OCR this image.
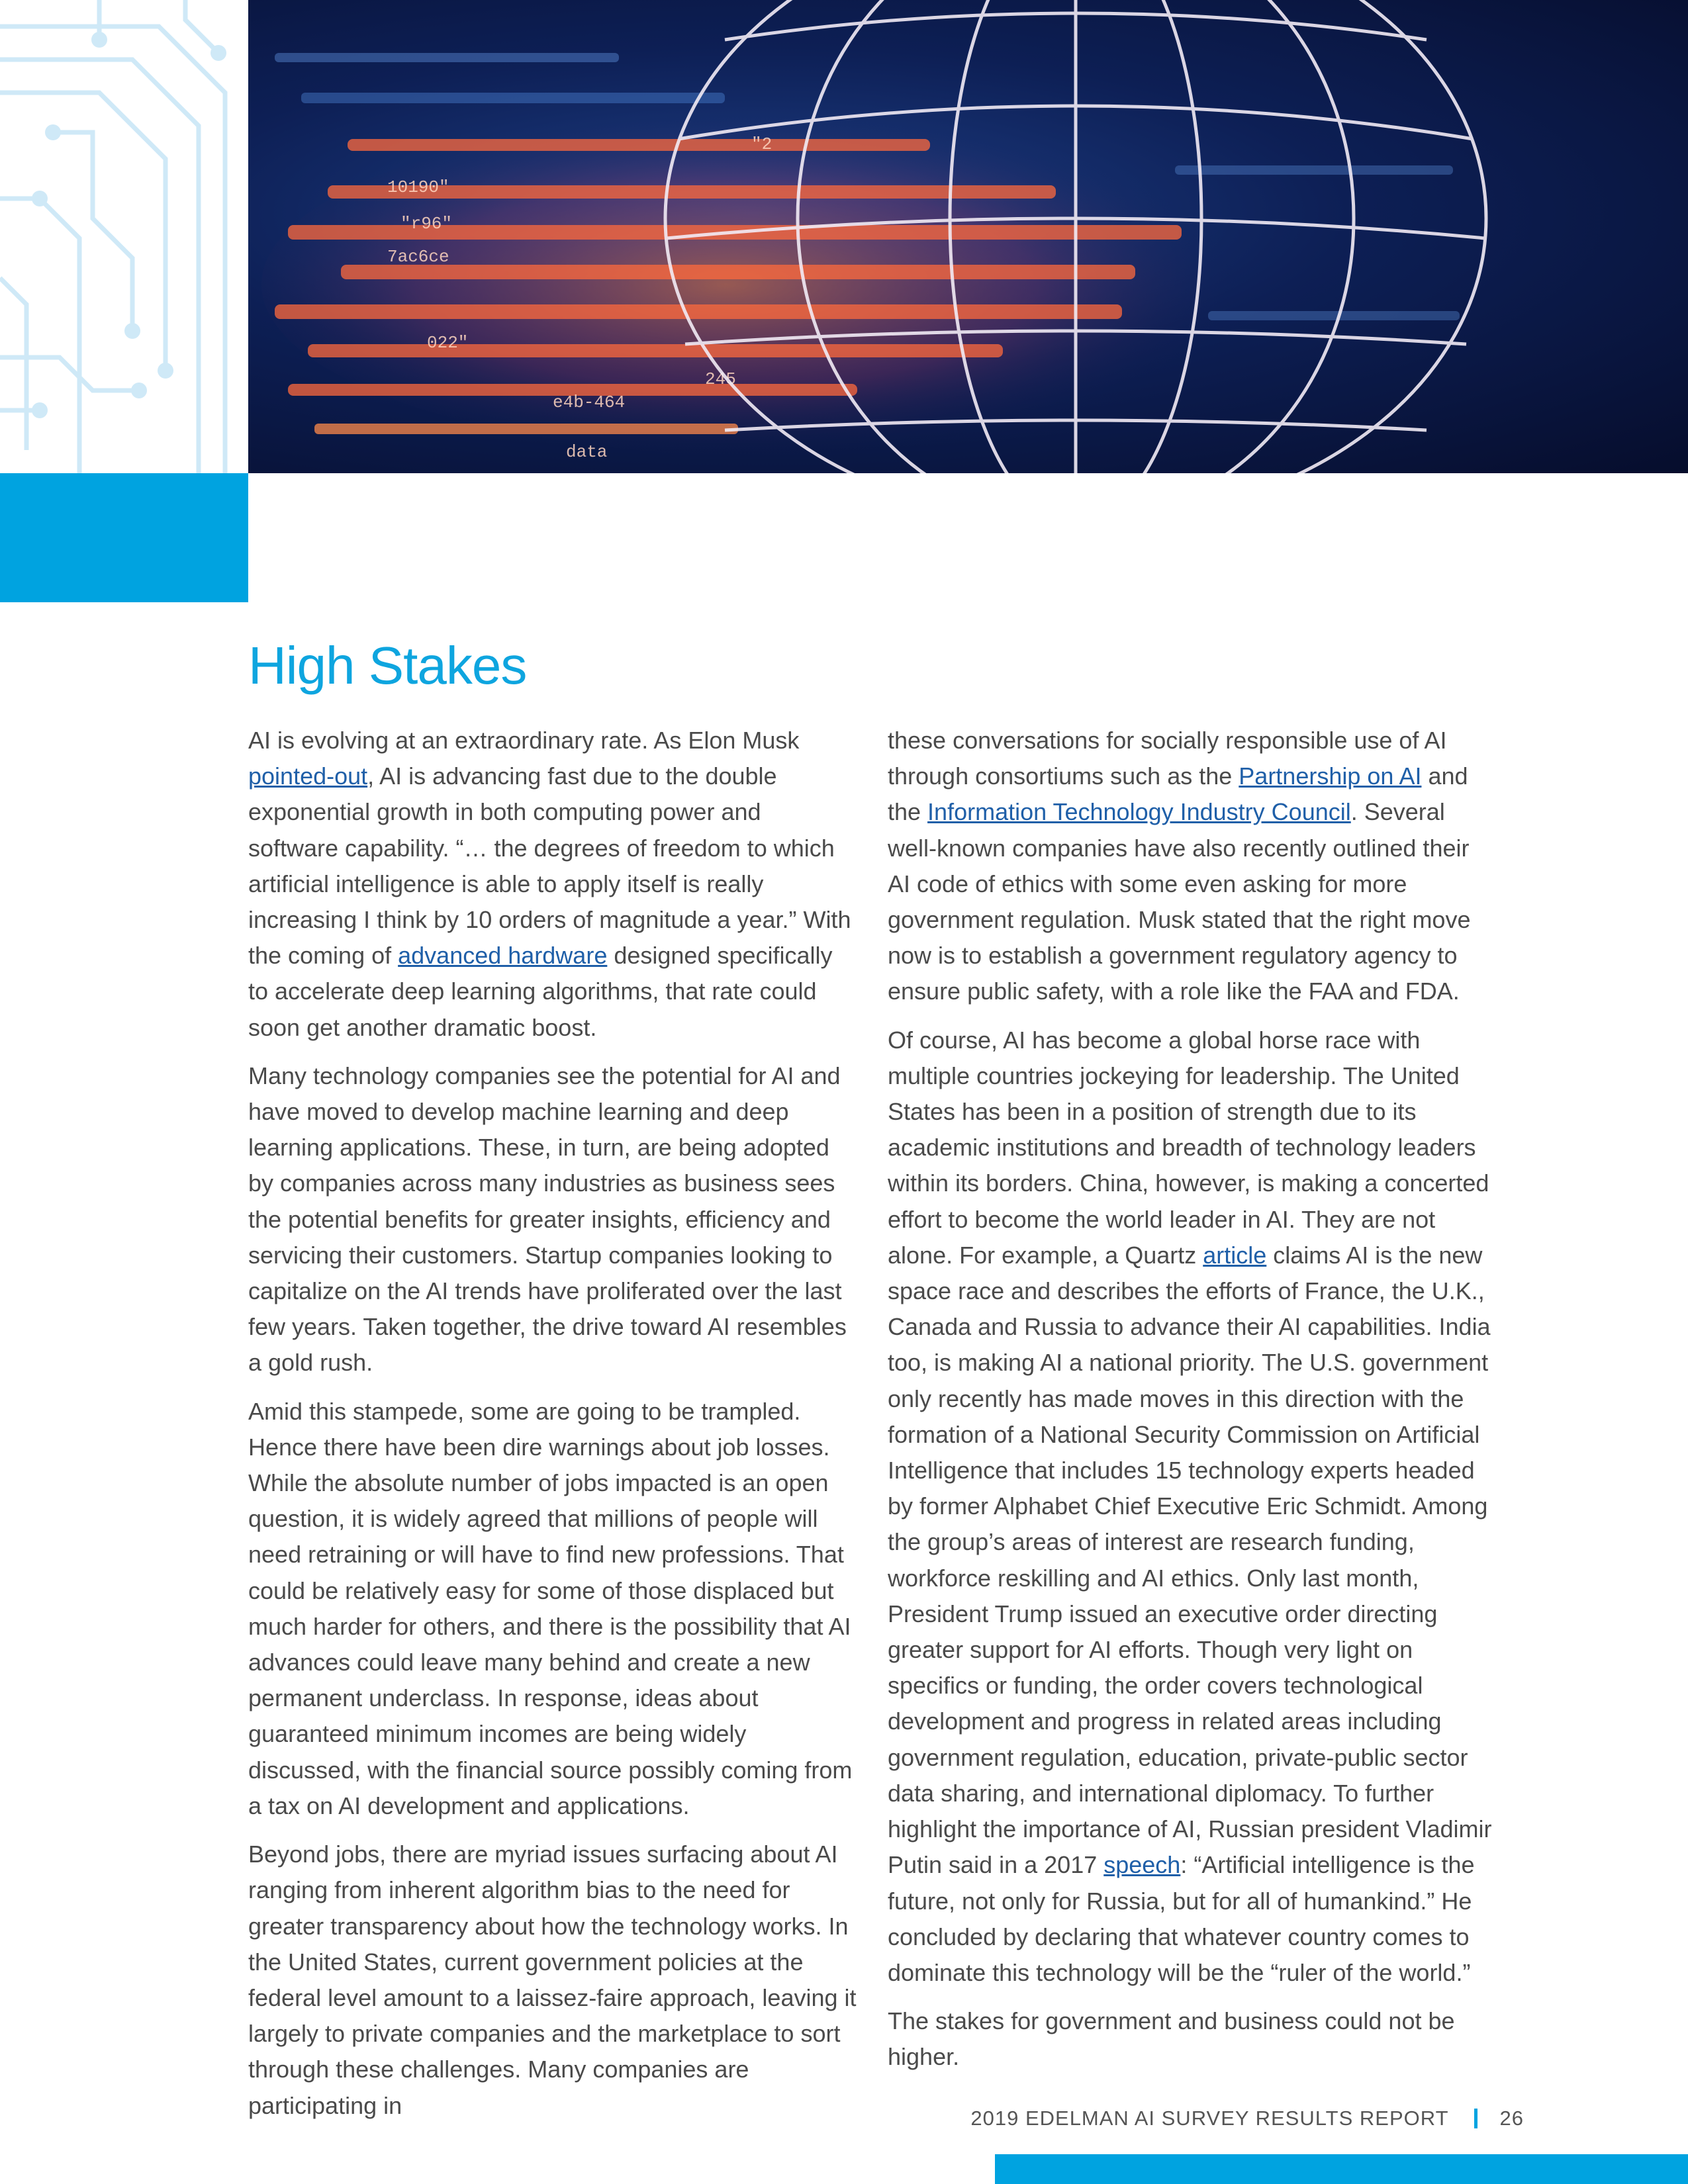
10190"
"r96"
7ac6ce
"2
022"
e4b-464
data
245
High Stakes

AI is evolving at an extraordinary rate. As Elon Musk pointed-out, AI is advancing fast due to the double exponential growth in both computing power and software capability. “… the degrees of freedom to which artificial intelligence is able to apply itself is really increasing I think by 10 orders of magnitude a year.” With the coming of advanced hardware designed specifically to accelerate deep learning algorithms, that rate could soon get another dramatic boost.

Many technology companies see the potential for AI and have moved to develop machine learning and deep learning applications. These, in turn, are being adopted by companies across many industries as business sees the potential benefits for greater insights, efficiency and servicing their customers. Startup companies looking to capitalize on the AI trends have proliferated over the last few years. Taken together, the drive toward AI resembles a gold rush.

Amid this stampede, some are going to be trampled. Hence there have been dire warnings about job losses. While the absolute number of jobs impacted is an open question, it is widely agreed that millions of people will need retraining or will have to find new professions. That could be relatively easy for some of those displaced but much harder for others, and there is the possibility that AI advances could leave many behind and create a new permanent underclass. In response, ideas about guaranteed minimum incomes are being widely discussed, with the financial source possibly coming from a tax on AI development and applications.

Beyond jobs, there are myriad issues surfacing about AI ranging from inherent algorithm bias to the need for greater transparency about how the technology works. In the United States, current government policies at the federal level amount to a laissez-faire approach, leaving it largely to private companies and the marketplace to sort through these challenges. Many companies are participating in

these conversations for socially responsible use of AI through consortiums such as the Partnership on AI and the Information Technology Industry Council. Several well-known companies have also recently outlined their AI code of ethics with some even asking for more government regulation. Musk stated that the right move now is to establish a government regulatory agency to ensure public safety, with a role like the FAA and FDA.

Of course, AI has become a global horse race with multiple countries jockeying for leadership. The United States has been in a position of strength due to its academic institutions and breadth of technology leaders within its borders. China, however, is making a concerted effort to become the world leader in AI. They are not alone. For example, a Quartz article claims AI is the new space race and describes the efforts of France, the U.K., Canada and Russia to advance their AI capabilities. India too, is making AI a national priority. The U.S. government only recently has made moves in this direction with the formation of a National Security Commission on Artificial Intelligence that includes 15 technology experts headed by former Alphabet Chief Executive Eric Schmidt. Among the group’s areas of interest are research funding, workforce reskilling and AI ethics. Only last month, President Trump issued an executive order directing greater support for AI efforts. Though very light on specifics or funding, the order covers technological development and progress in related areas including government regulation, education, private-public sector data sharing, and international diplomacy. To further highlight the importance of AI, Russian president Vladimir Putin said in a 2017 speech: “Artificial intelligence is the future, not only for Russia, but for all of humankind.” He concluded by declaring that whatever country comes to dominate this technology will be the “ruler of the world.”

The stakes for government and business could not be higher.

2019 EDELMAN AI SURVEY RESULTS REPORT 26
